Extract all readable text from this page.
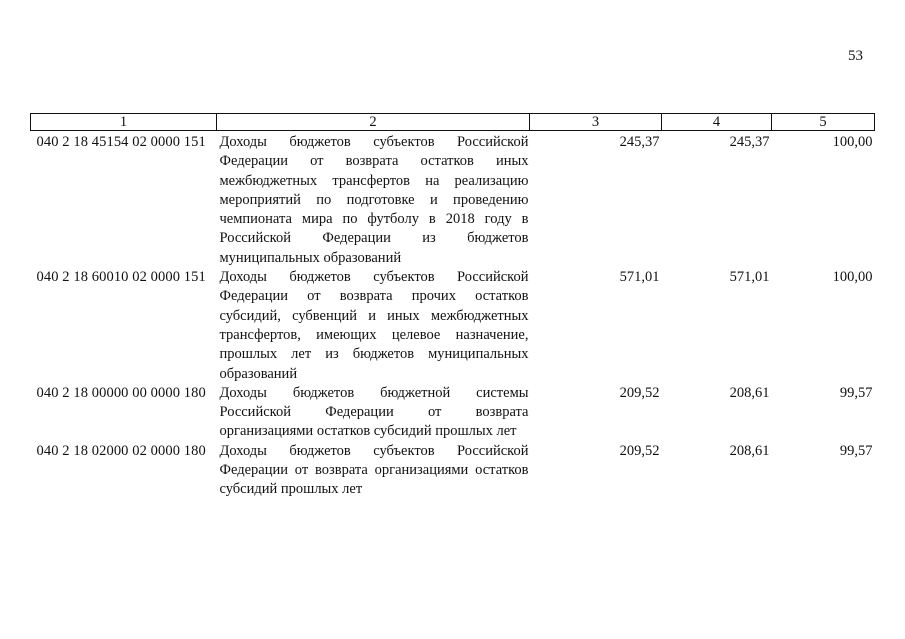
53
1	2	3	4	5
040 2 18 45154 02 0000 151	Доходы бюджетов субъектов Российской Федерации от возврата остатков иных межбюджетных трансфертов на реализацию мероприятий по подготовке и проведению чемпионата мира по футболу в 2018 году в Российской Федерации из бюджетов муниципальных образований	245,37	245,37	100,00
040 2 18 60010 02 0000 151	Доходы бюджетов субъектов Российской Федерации от возврата прочих остатков субсидий, субвенций и иных межбюджетных трансфертов, имеющих целевое назначение, прошлых лет из бюджетов муниципальных образований	571,01	571,01	100,00
040 2 18 00000 00 0000 180	Доходы бюджетов бюджетной системы Российской Федерации от возврата организациями остатков субсидий прошлых лет	209,52	208,61	99,57
040 2 18 02000 02 0000 180	Доходы бюджетов субъектов Российской Федерации от возврата организациями остатков субсидий прошлых лет	209,52	208,61	99,57
